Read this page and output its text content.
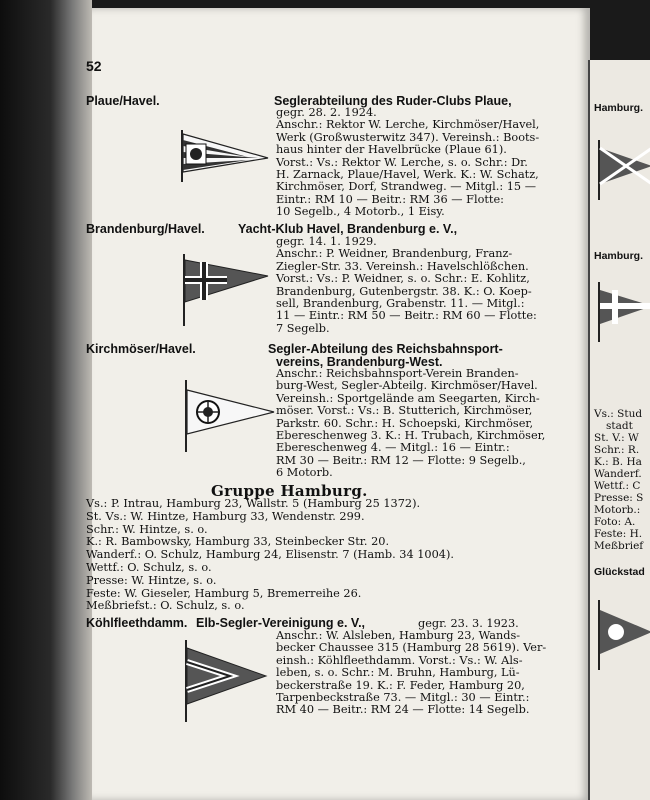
52
Plaue/Havel.	Seglerabteilung des Ruder-Clubs Plaue,

gegr. 28. 2. 1924.

Anschr.: Rektor W. Lerche, Kirchmöser/Havel,

Werk (Großwusterwitz 347). Vereinsh.: Boots-

haus hinter der Havelbrücke (Plaue 61).

Vorst.: Vs.: Rektor W. Lerche, s. o. Schr.: Dr.

H. Zarnack, Plaue/Havel, Werk. K.: W. Schatz,

Kirchmöser, Dorf, Strandweg. — Mitgl.: 15 —

Eintr.: RM 10 — Beitr.: RM 36 — Flotte:

10 Segelb., 4 Motorb., 1 Eisy.

Brandenburg/Havel.	Yacht-Klub Havel, Brandenburg e. V.,

gegr. 14. 1. 1929.

Anschr.: P. Weidner, Brandenburg, Franz-

Ziegler-Str. 33. Vereinsh.: Havelschlößchen.

Vorst.: Vs.: P. Weidner, s. o. Schr.: E. Kohlitz,

Brandenburg, Gutenbergstr. 38. K.: O. Koep-

sell, Brandenburg, Grabenstr. 11. — Mitgl.:

11 — Eintr.: RM 50 — Beitr.: RM 60 — Flotte:

7 Segelb.

Kirchmöser/Havel.	Segler-Abteilung des Reichsbahnsport-
vereins, Brandenburg-West.

Anschr.: Reichsbahnsport-Verein Branden-

burg-West, Segler-Abteilg. Kirchmöser/Havel.

Vereinsh.: Sportgelände am Seegarten, Kirch-

möser. Vorst.: Vs.: B. Stutterich, Kirchmöser,

Parkstr. 60. Schr.: H. Schoepski, Kirchmöser,

Ebereschenweg 3. K.: H. Trubach, Kirchmöser,

Ebereschenweg 4. — Mitgl.: 16 — Eintr.:

RM 30 — Beitr.: RM 12 — Flotte: 9 Segelb.,

6 Motorb.

Gruppe Hamburg.
Vs.: P. Intrau, Hamburg 23, Wallstr. 5 (Hamburg 25 1372).
St. Vs.: W. Hintze, Hamburg 33, Wendenstr. 299.
Schr.: W. Hintze, s. o.
K.: R. Bambowsky, Hamburg 33, Steinbecker Str. 20.
Wanderf.: O. Schulz, Hamburg 24, Elisenstr. 7 (Hamb. 34 1004).
Wettf.: O. Schulz, s. o.
Presse: W. Hintze, s. o.
Feste: W. Gieseler, Hamburg 5, Bremerreihe 26.
Meßbriefst.: O. Schulz, s. o.
Köhlfleethdamm. Elb-Segler-Vereinigung e. V.,	gegr. 23. 3. 1923.

Anschr.: W. Alsleben, Hamburg 23, Wands-

becker Chaussee 315 (Hamburg 28 5619). Ver-

einsh.: Köhlfleethdamm. Vorst.: Vs.: W. Als-

leben, s. o. Schr.: M. Bruhn, Hamburg, Lü-

beckerstraße 19. K.: F. Feder, Hamburg 20,

Tarpenbeckstraße 73. — Mitgl.: 30 — Eintr.:

RM 40 — Beitr.: RM 24 — Flotte: 14 Segelb.

Hamburg.
Hamburg.
Vs.: Stud
stadt
St. V.: W
Schr.: R.
K.: B. Ha
Wanderf.
Wettf.: C
Presse: S
Motorb.:
Foto: A.
Feste: H.
Meßbrief
Glückstad
